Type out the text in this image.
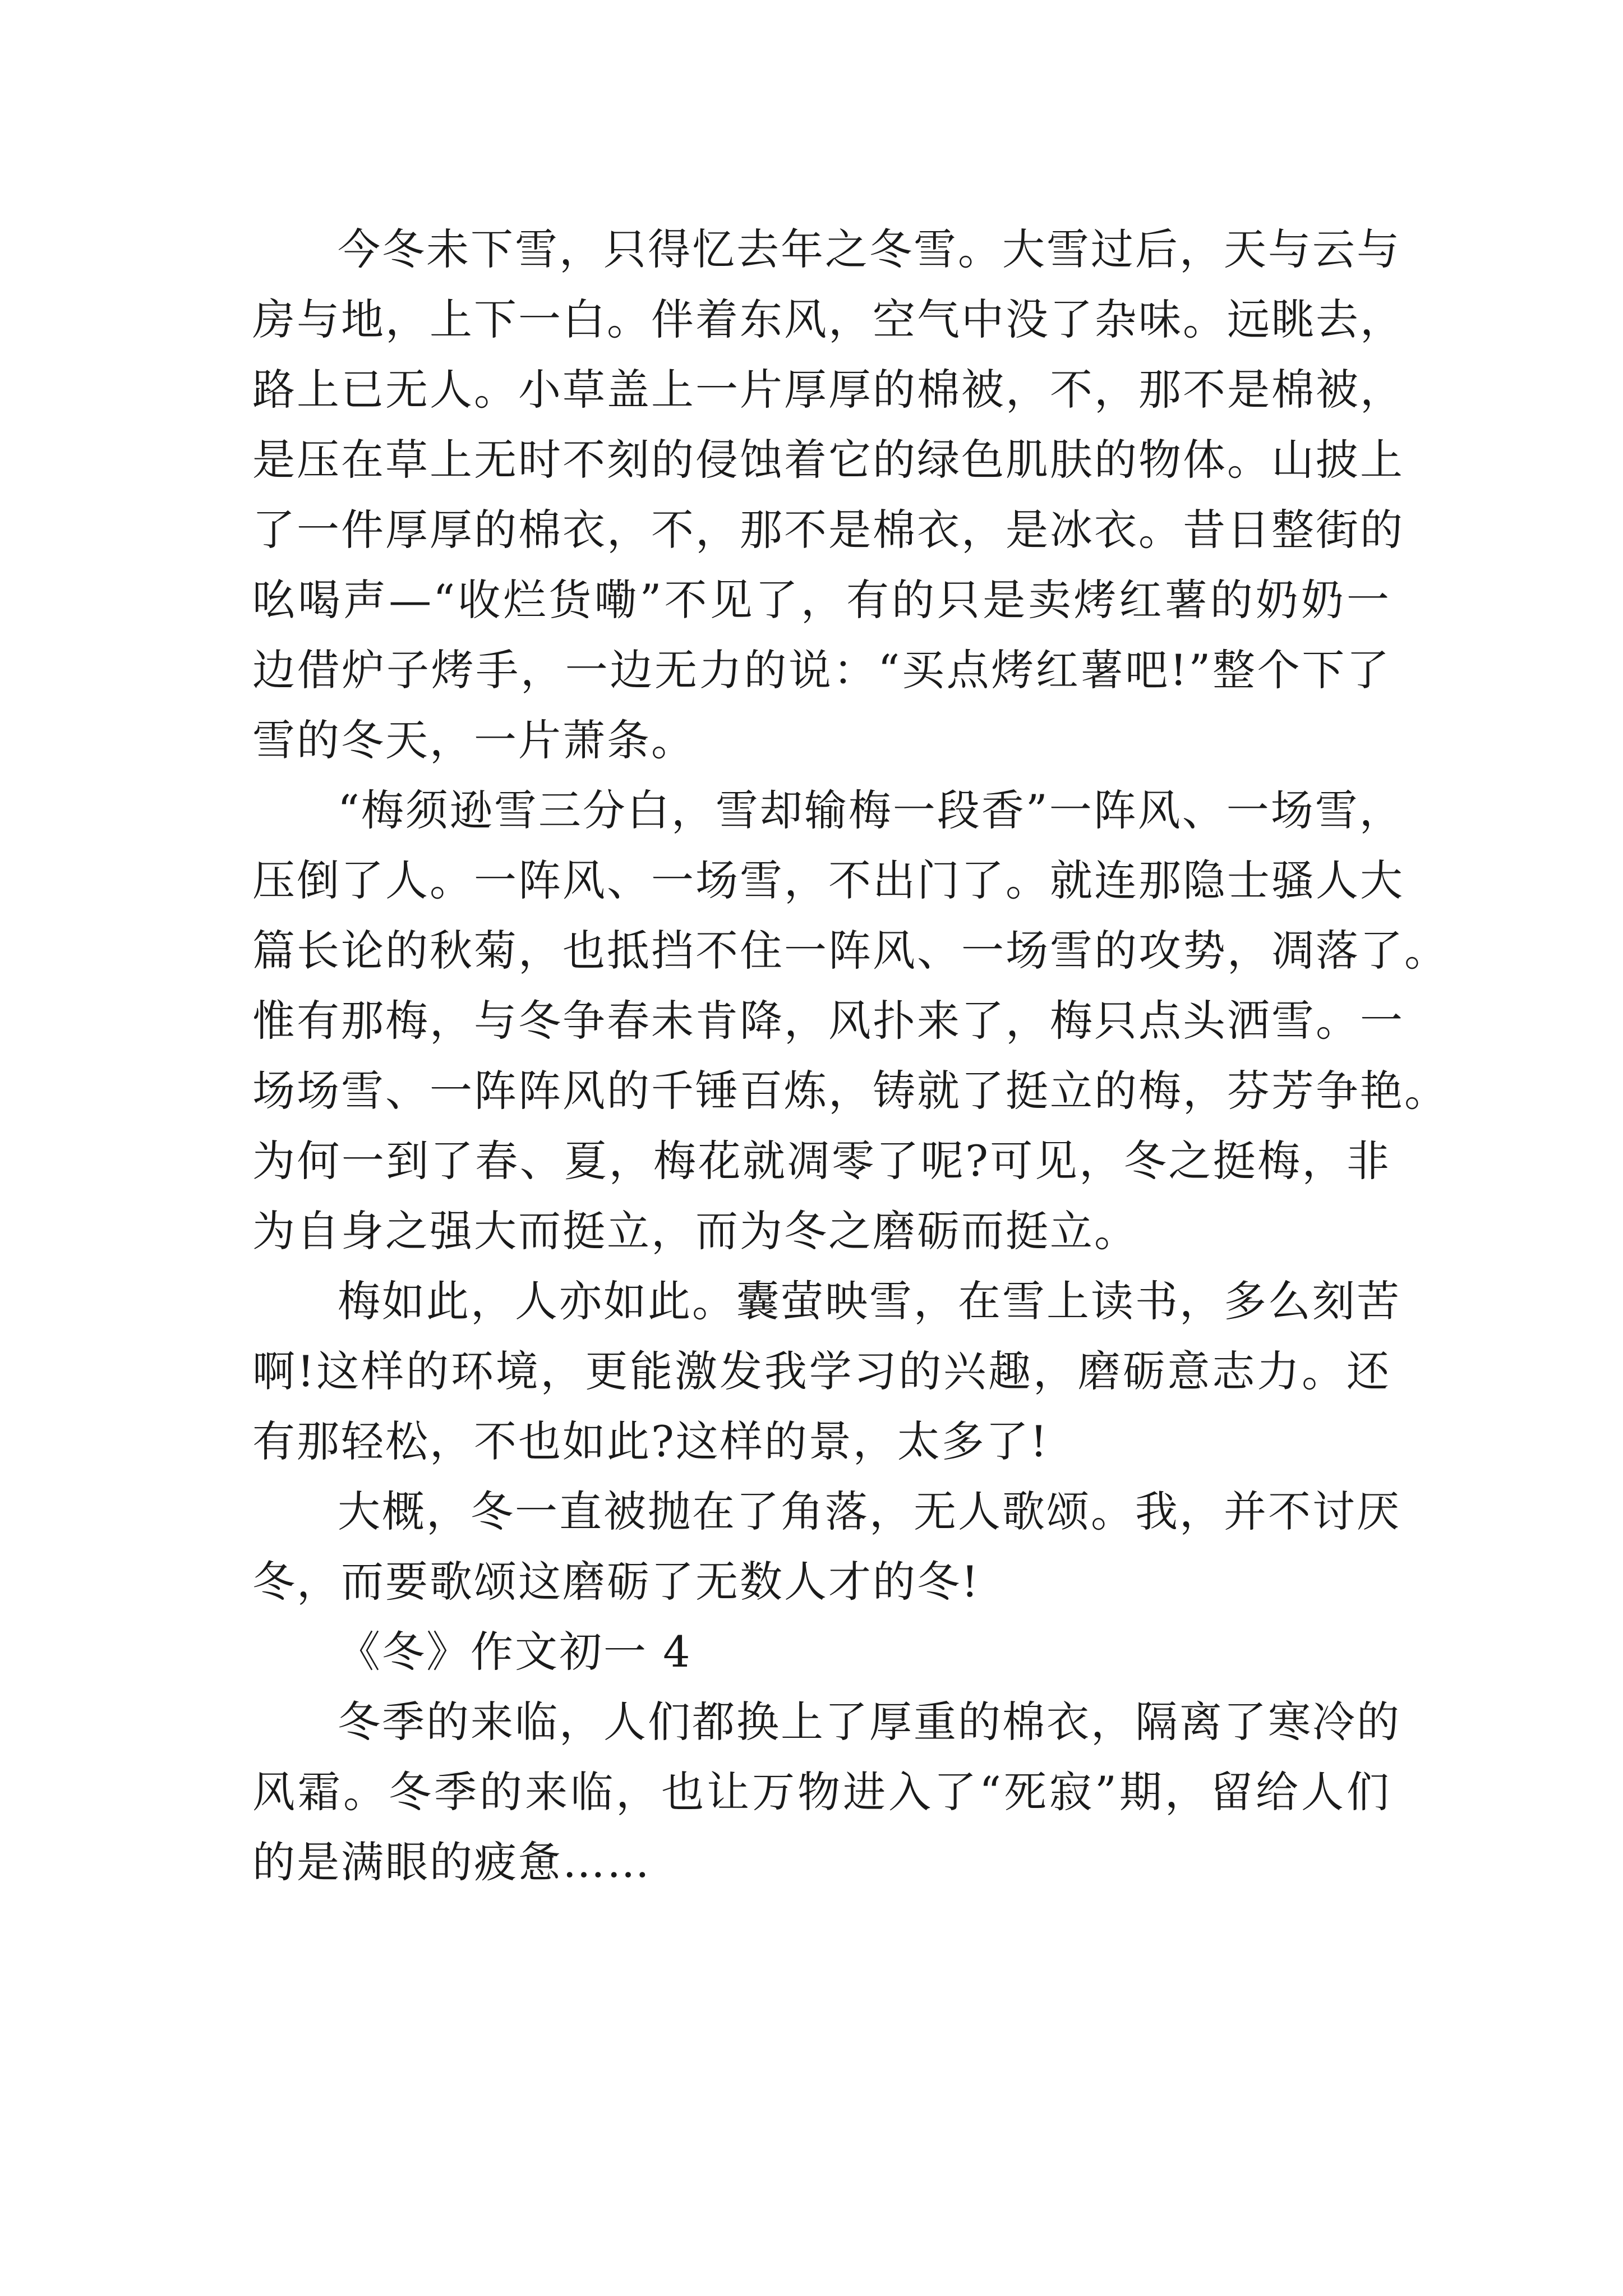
今冬未下雪，只得忆去年之冬雪。大雪过后，天与云与
房与地，上下一白。伴着东风，空气中没了杂味。远眺去，
路上已无人。小草盖上一片厚厚的棉被，不，那不是棉被，
是压在草上无时不刻的侵蚀着它的绿色肌肤的物体。山披上
了一件厚厚的棉衣，不，那不是棉衣，是冰衣。昔日整街的
吆喝声—“收烂货嘞”不见了，有的只是卖烤红薯的奶奶一
边借炉子烤手，一边无力的说：“买点烤红薯吧!”整个下了
雪的冬天，一片萧条。
“梅须逊雪三分白，雪却输梅一段香”一阵风、一场雪，
压倒了人。一阵风、一场雪，不出门了。就连那隐士骚人大
篇长论的秋菊，也抵挡不住一阵风、一场雪的攻势，凋落了。
惟有那梅，与冬争春未肯降，风扑来了，梅只点头洒雪。一
场场雪、一阵阵风的千锤百炼，铸就了挺立的梅，芬芳争艳。
为何一到了春、夏，梅花就凋零了呢?可见，冬之挺梅，非
为自身之强大而挺立，而为冬之磨砺而挺立。
梅如此，人亦如此。囊萤映雪，在雪上读书，多么刻苦
啊!这样的环境，更能激发我学习的兴趣，磨砺意志力。还
有那轻松，不也如此?这样的景，太多了!
大概，冬一直被抛在了角落，无人歌颂。我，并不讨厌
冬，而要歌颂这磨砺了无数人才的冬!
《冬》作文初一 4
冬季的来临，人们都换上了厚重的棉衣，隔离了寒冷的
风霜。冬季的来临，也让万物进入了“死寂”期，留给人们
的是满眼的疲惫……
